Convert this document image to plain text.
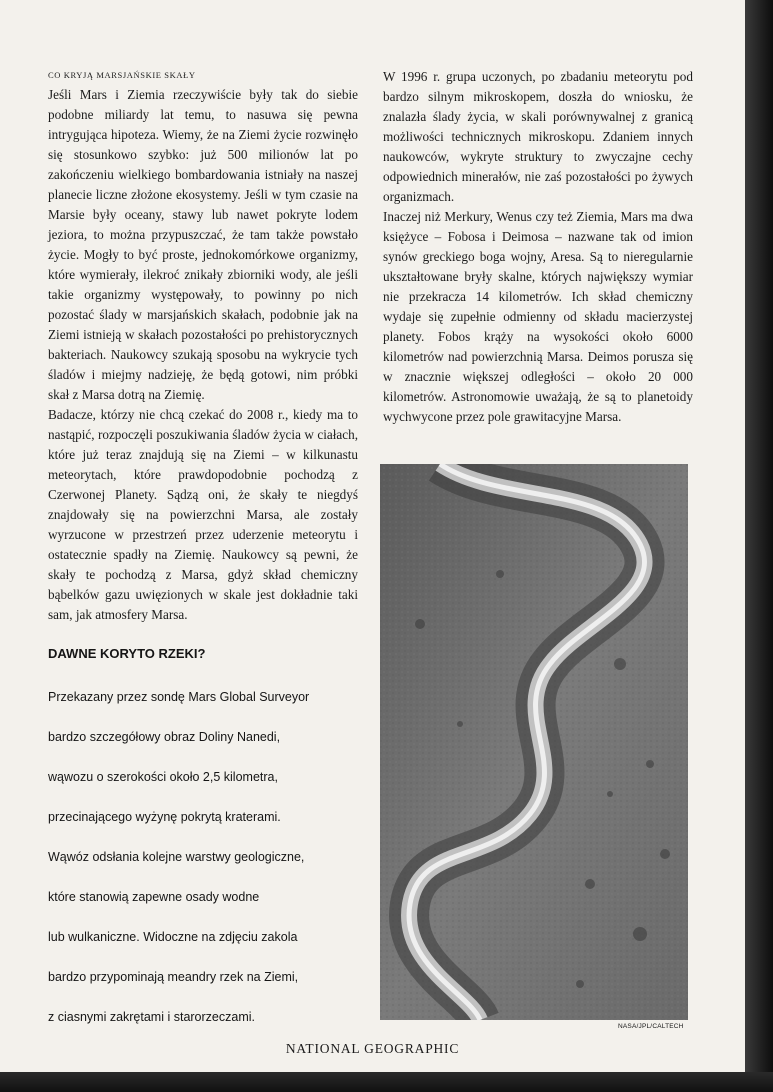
CO KRYJĄ MARSJAŃSKIE SKAŁY

Jeśli Mars i Ziemia rzeczywiście były tak do siebie podobne miliardy lat temu, to nasuwa się pewna intrygująca hipoteza. Wiemy, że na Ziemi życie rozwinęło się stosunkowo szybko: już 500 milionów lat po zakończeniu wielkiego bombardowania istniały na naszej planecie liczne złożone ekosystemy. Jeśli w tym czasie na Marsie były oceany, stawy lub nawet pokryte lodem jeziora, to można przypuszczać, że tam także powstało życie. Mogły to być proste, jednokomórkowe organizmy, które wymierały, ilekroć znikały zbiorniki wody, ale jeśli takie organizmy występowały, to powinny po nich pozostać ślady w marsjańskich skałach, podobnie jak na Ziemi istnieją w skałach pozostałości po prehistorycznych bakteriach. Naukowcy szukają sposobu na wykrycie tych śladów i miejmy nadzieję, że będą gotowi, nim próbki skał z Marsa dotrą na Ziemię.

Badacze, którzy nie chcą czekać do 2008 r., kiedy ma to nastąpić, rozpoczęli poszukiwania śladów życia w ciałach, które już teraz znajdują się na Ziemi – w kilkunastu meteorytach, które prawdopodobnie pochodzą z Czerwonej Planety. Sądzą oni, że skały te niegdyś znajdowały się na powierzchni Marsa, ale zostały wyrzucone w przestrzeń przez uderzenie meteorytu i ostatecznie spadły na Ziemię. Naukowcy są pewni, że skały te pochodzą z Marsa, gdyż skład chemiczny bąbelków gazu uwięzionych w skale jest dokładnie taki sam, jak atmosfery Marsa.

DAWNE KORYTO RZEKI?
Przekazany przez sondę Mars Global Surveyor
bardzo szczegółowy obraz Doliny Nanedi,
wąwozu o szerokości około 2,5 kilometra,
przecinającego wyżynę pokrytą kraterami.
Wąwóz odsłania kolejne warstwy geologiczne,
które stanowią zapewne osady wodne
lub wulkaniczne. Widoczne na zdjęciu zakola
bardzo przypominają meandry rzek na Ziemi,
z ciasnymi zakrętami i starorzeczami.

W 1996 r. grupa uczonych, po zbadaniu meteorytu pod bardzo silnym mikroskopem, doszła do wniosku, że znalazła ślady życia, w skali porównywalnej z granicą możliwości technicznych mikroskopu. Zdaniem innych naukowców, wykryte struktury to zwyczajne cechy odpowiednich minerałów, nie zaś pozostałości po żywych organizmach.

Inaczej niż Merkury, Wenus czy też Ziemia, Mars ma dwa księżyce – Fobosa i Deimosa – nazwane tak od imion synów greckiego boga wojny, Aresa. Są to nieregularnie ukształtowane bryły skalne, których największy wymiar nie przekracza 14 kilometrów. Ich skład chemiczny wydaje się zupełnie odmienny od składu macierzystej planety. Fobos krąży na wysokości około 6000 kilometrów nad powierzchnią Marsa. Deimos porusza się w znacznie większej odległości – około 20 000 kilometrów. Astronomowie uważają, że są to planetoidy wychwycone przez pole grawitacyjne Marsa.

NASA/JPL/CALTECH
NATIONAL GEOGRAPHIC
